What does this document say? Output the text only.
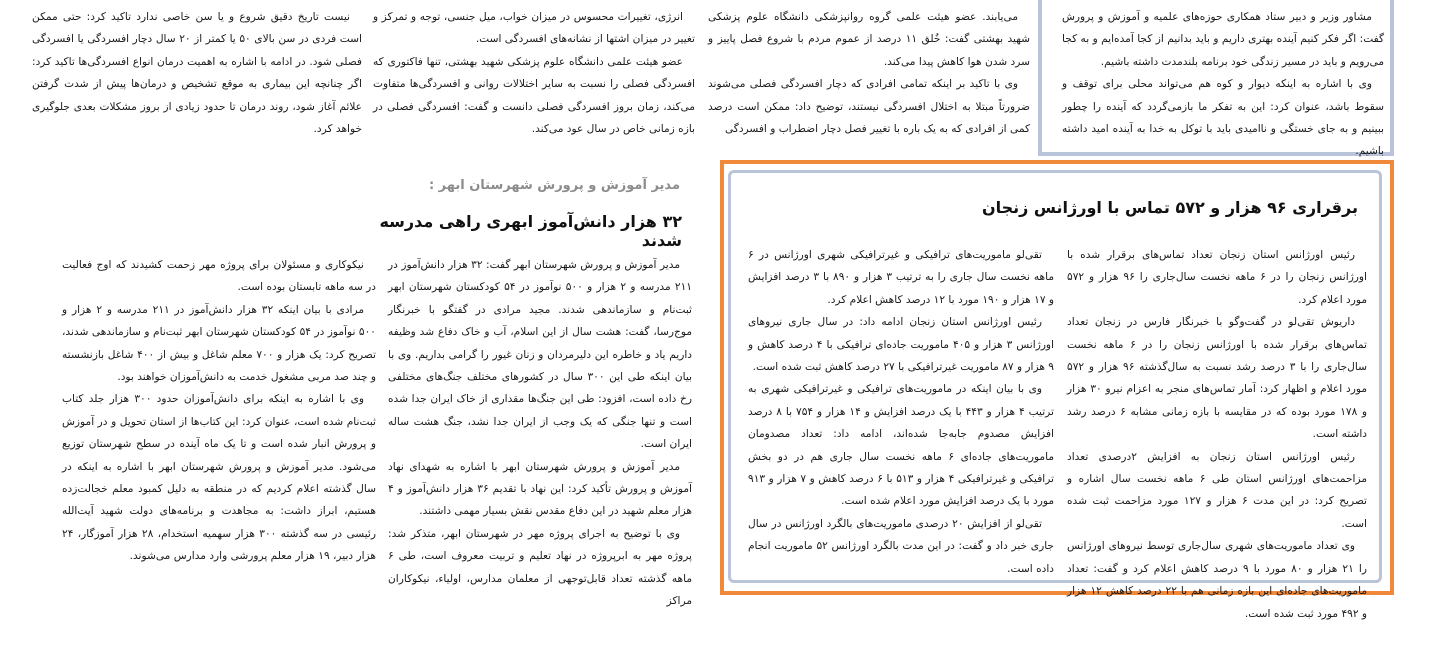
مشاور وزیر و دبیر ستاد همکاری حوزه‌های علمیه و آموزش و پرورش گفت: اگر فکر کنیم آینده بهتری داریم و باید بدانیم از کجا آمده‌ایم و به کجا می‌رویم و باید در مسیر زندگی خود برنامه بلندمدت داشته باشیم.

وی با اشاره به اینکه دیوار و کوه هم می‌تواند محلی برای توقف و سقوط باشد، عنوان کرد: این به تفکر ما بازمی‌گردد که آینده را چطور ببینیم و به جای خستگی و ناامیدی باید با توکل به خدا به آینده امید داشته باشیم.

می‌یابند. عضو هیئت علمی گروه روانپزشکی دانشگاه علوم پزشکی شهید بهشتی گفت: خُلق ۱۱ درصد از عموم مردم با شروع فصل پاییز و سرد شدن هوا کاهش پیدا می‌کند.

وی با تاکید بر اینکه تمامی افرادی که دچار افسردگی فصلی می‌شوند ضرورتاً مبتلا به اختلال افسردگی نیستند، توضیح داد: ممکن است درصد کمی از افرادی که به یک باره با تغییر فصل دچار اضطراب و افسردگی

انرژی، تغییرات محسوس در میزان خواب، میل جنسی، توجه و تمرکز و تغییر در میزان اشتها از نشانه‌های افسردگی است.

عضو هیئت علمی دانشگاه علوم پزشکی شهید بهشتی، تنها فاکتوری که افسردگی فصلی را نسبت به سایر اختلالات روانی و افسردگی‌ها متفاوت می‌کند، زمان بروز افسردگی فصلی دانست و گفت: افسردگی فصلی در بازه زمانی خاص در سال عود می‌کند.

نیست تاریخ دقیق شروع و یا سن خاصی ندارد تاکید کرد: حتی ممکن است فردی در سن بالای ۵۰ یا کمتر از ۲۰ سال دچار افسردگی یا افسردگی فصلی شود. در ادامه با اشاره به اهمیت درمان انواع افسردگی‌ها تاکید کرد: اگر چنانچه این بیماری به موقع تشخیص و درمان‌ها پیش از شدت گرفتن علائم آغاز شود، روند درمان تا حدود زیادی از بروز مشکلات بعدی جلوگیری خواهد کرد.

برقراری ۹۶ هزار و ۵۷۲ تماس با اورژانس زنجان

رئیس اورژانس استان زنجان تعداد تماس‌های برقرار شده با اورژانس زنجان را در ۶ ماهه نخست سال‌جاری را ۹۶ هزار و ۵۷۲ مورد اعلام کرد.

داریوش تقی‌لو در گفت‌وگو با خبرنگار فارس در زنجان تعداد تماس‌های برقرار شده با اورژانس زنجان را در ۶ ماهه نخست سال‌جاری را با ۳ درصد رشد نسبت به سال‌گذشته ۹۶ هزار و ۵۷۲ مورد اعلام و اظهار کرد: آمار تماس‌های منجر به اعزام نیرو ۳۰ هزار و ۱۷۸ مورد بوده که در مقایسه با بازه زمانی مشابه ۶ درصد رشد داشته است.

رئیس اورژانس استان زنجان به افزایش ۲درصدی تعداد مزاحمت‌های اورژانس استان طی ۶ ماهه نخست سال اشاره و تصریح کرد: در این مدت ۶ هزار و ۱۲۷ مورد مزاحمت ثبت شده است.

وی تعداد ماموریت‌های شهری سال‌جاری توسط نیروهای اورژانس را ۲۱ هزار و ۸۰ مورد با ۹ درصد کاهش اعلام کرد و گفت: تعداد ماموریت‌های جاده‌ای این بازه زمانی هم با ۲۲ درصد کاهش ۱۲ هزار و ۴۹۲ مورد ثبت شده است.

تقی‌لو ماموریت‌های ترافیکی و غیرترافیکی شهری اورژانس در ۶ ماهه نخست سال جاری را به ترتیب ۳ هزار و ۸۹۰ با ۳ درصد افزایش و ۱۷ هزار و ۱۹۰ مورد با ۱۲ درصد کاهش اعلام کرد.

رئیس اورژانس استان زنجان ادامه داد: در سال جاری نیروهای اورژانس ۳ هزار و ۴۰۵ ماموریت جاده‌ای ترافیکی با ۴ درصد کاهش و ۹ هزار و ۸۷ ماموریت غیرترافیکی با ۲۷ درصد کاهش ثبت شده است.

وی با بیان اینکه در ماموریت‌های ترافیکی و غیرترافیکی شهری به ترتیب ۴ هزار و ۴۴۳ با یک درصد افزایش و ۱۴ هزار و ۷۵۴ با ۸ درصد افزایش مصدوم جابه‌جا شده‌اند، ادامه داد: تعداد مصدومان ماموریت‌های جاده‌ای ۶ ماهه نخست سال جاری هم در دو بخش ترافیکی و غیرترافیکی ۴ هزار و ۵۱۳ با ۶ درصد کاهش و ۷ هزار و ۹۱۳ مورد با یک درصد افزایش مورد اعلام شده است.

تقی‌لو از افزایش ۲۰ درصدی ماموریت‌های بالگرد اورژانس در سال جاری خبر داد و گفت: در این مدت بالگرد اورژانس ۵۲ ماموریت انجام داده است.

مدیر آموزش و پرورش شهرستان ابهر :
۳۲ هزار دانش‌آموز ابهری راهی مدرسه شدند

مدیر آموزش و پرورش شهرستان ابهر گفت: ۳۲ هزار دانش‌آموز در ۲۱۱ مدرسه و ۲ هزار و ۵۰۰ نوآموز در ۵۴ کودکستان شهرستان ابهر ثبت‌نام و سازماندهی شدند. مجید مرادی در گفتگو با خبرنگار موج‌رسا، گفت: هشت سال از این اسلام، آب و خاک دفاع شد وظیفه داریم یاد و خاطره این دلیرمردان و زنان غیور را گرامی بداریم. وی با بیان اینکه طی این ۳۰۰ سال در کشورهای مختلف جنگ‌های مختلفی رخ داده است، افزود: طی این جنگ‌ها مقداری از خاک ایران جدا شده است و تنها جنگی که یک وجب از ایران جدا نشد، جنگ هشت ساله ایران است.

مدیر آموزش و پرورش شهرستان ابهر با اشاره به شهدای نهاد آموزش و پرورش تأکید کرد: این نهاد با تقدیم ۳۶ هزار دانش‌آموز و ۴ هزار معلم شهید در این دفاع مقدس نقش بسیار مهمی داشتند.

وی با توضیح به اجرای پروژه مهر در شهرستان ابهر، متذکر شد: پروژه مهر به ابرپروژه در نهاد تعلیم و تربیت معروف است، طی ۶ ماهه گذشته تعداد قابل‌توجهی از معلمان مدارس، اولیاء، نیکوکاران مراکز

نیکوکاری و مسئولان برای پروژه مهر زحمت کشیدند که اوج فعالیت در سه ماهه تابستان بوده است.

مرادی با بیان اینکه ۳۲ هزار دانش‌آموز در ۲۱۱ مدرسه و ۲ هزار و ۵۰۰ نوآموز در ۵۴ کودکستان شهرستان ابهر ثبت‌نام و سازماندهی شدند، تصریح کرد: یک هزار و ۷۰۰ معلم شاغل و بیش از ۴۰۰ شاغل بازنشسته و چند صد مربی مشغول خدمت به دانش‌آموزان خواهند بود.

وی با اشاره به اینکه برای دانش‌آموزان حدود ۳۰۰ هزار جلد کتاب ثبت‌نام شده است، عنوان کرد: این کتاب‌ها از استان تحویل و در آموزش و پرورش انبار شده است و تا یک ماه آینده در سطح شهرستان توزیع می‌شود. مدیر آموزش و پرورش شهرستان ابهر با اشاره به اینکه در سال گذشته اعلام کردیم که در منطقه به دلیل کمبود معلم خجالت‌زده هستیم، ابراز داشت: به مجاهدت و برنامه‌های دولت شهید آیت‌الله رئیسی در سه گذشته ۳۰۰ هزار سهمیه استخدام، ۲۸ هزار آموزگار، ۲۴ هزار دبیر، ۱۹ هزار معلم پرورشی وارد مدارس می‌شوند.
